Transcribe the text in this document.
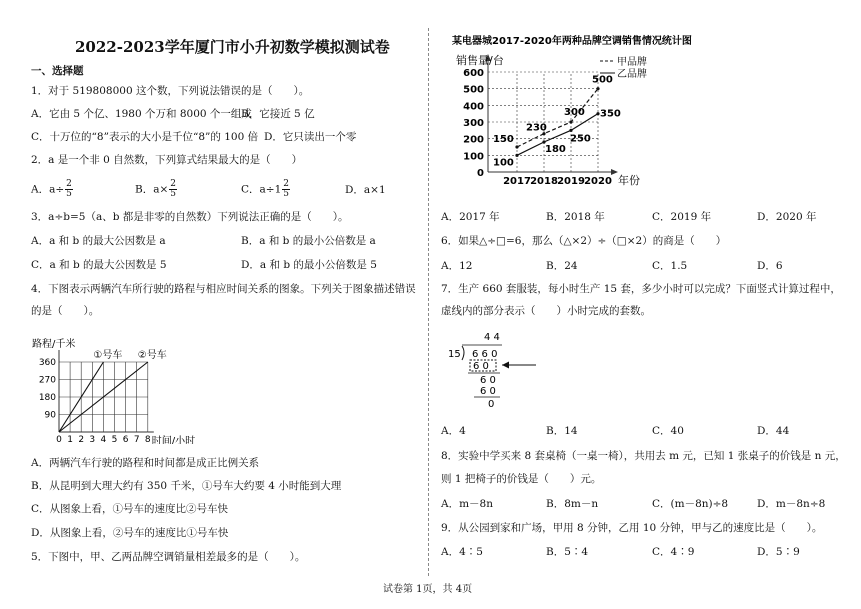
2022-2023学年厦门市小升初数学模拟测试卷
一、选择题
1．对于 519808000 这个数，下列说法错误的是（　　）。
A．它由 5 个亿、1980 个万和 8000 个一组成
B．它接近 5 亿
C．十万位的“8”表示的大小是千位“8”的 100 倍 D．它只读出一个零
2．a 是一个非 0 自然数，下列算式结果最大的是（　　）
A．$a\div \frac{2}{5}$	B．$a\times \frac{2}{5}$	C．$a\div 1 \frac{2}{5}$	D．a×1
3．a÷b=5（a、b 都是非零的自然数）下列说法正确的是（　　）。
A．a 和 b 的最大公因数是 a	B．a 和 b 的最小公倍数是 a
C．a 和 b 的最大公因数是 5	D．a 和 b 的最小公倍数是 5
4．下图表示两辆汽车所行驶的路程与相应时间关系的图象。下列关于图象描述错误
的是（　　）。
0 1 2 3 4 5 6 7 8
90
180
270
360
①号车 ②号车
路程/千米
时间/小时
A．两辆汽车行驶的路程和时间都是成正比例关系
B．从昆明到大理大约有 350 千米，①号车大约要 4 小时能到大理
C．从图象上看，①号车的速度比②号车快
D．从图象上看，②号车的速度比①号车快
5．下图中，甲、乙两品牌空调销量相差最多的是（　　）。
某电器城2017-2020年两种品牌空调销售情况统计图
销售量/台
0
100
200
300
400
500
600
2017 2018 2019 2020 年份
甲品牌
乙品牌
150
230
300
500
100
180
250
350
A．2017 年	B．2018 年	C．2019 年	D．2020 年
6．如果△÷□=6，那么（△×2）÷（□×2）的商是（　　）
A．12	B．24	C．1.5	D．6
7．生产 660 套服装，每小时生产 15 套，多少小时可以完成？下面竖式计算过程中，
虚线内的部分表示（　　）小时完成的套数。
4 4
15 6 6 0
6 0
6 0
6 0
0
A．4	B．14	C．40	D．44
8．实验中学买来 8 套桌椅（一桌一椅），共用去 m 元，已知 1 张桌子的价钱是 n 元，
则 1 把椅子的价钱是（　　）元。
A．m－8n	B．8m－n	C．(m－8n)÷8	D．m－8n÷8
9．从公园到家和广场，甲用 8 分钟，乙用 10 分钟，甲与乙的速度比是（　　）。
A．4∶5	B．5∶4	C．4∶9	D．5∶9
试卷第 1页，共 4页
